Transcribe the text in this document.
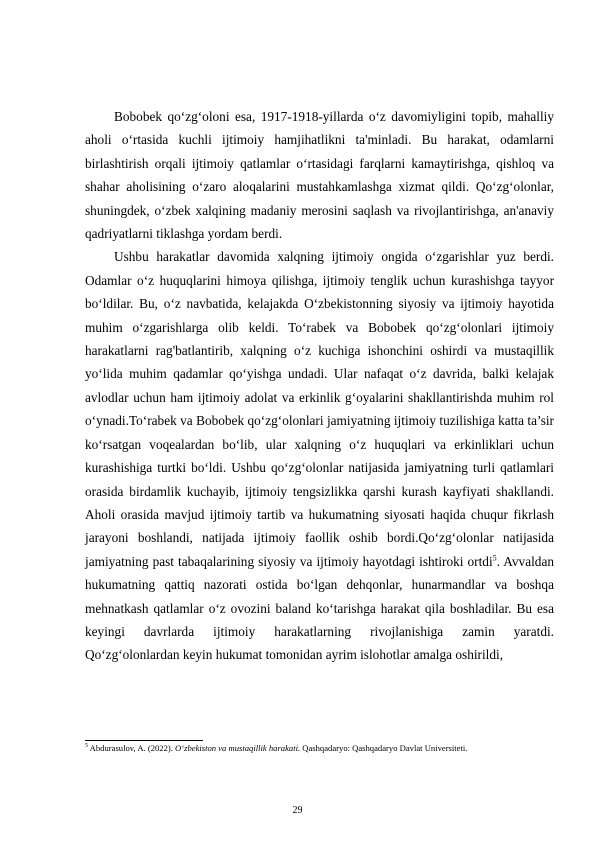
Bobobek qo‘zg‘oloni esa, 1917-1918-yillarda o‘z davomiyligini topib, mahalliy aholi o‘rtasida kuchli ijtimoiy hamjihatlikni ta'minladi. Bu harakat, odamlarni birlashtirish orqali ijtimoiy qatlamlar o‘rtasidagi farqlarni kamaytirishga, qishloq va shahar aholisining o‘zaro aloqalarini mustahkamlashga xizmat qildi. Qo‘zg‘olonlar, shuningdek, o‘zbek xalqining madaniy merosini saqlash va rivojlantirishga, an'anaviy qadriyatlarni tiklashga yordam berdi.

Ushbu harakatlar davomida xalqning ijtimoiy ongida o‘zgarishlar yuz berdi. Odamlar o‘z huquqlarini himoya qilishga, ijtimoiy tenglik uchun kurashishga tayyor bo‘ldilar. Bu, o‘z navbatida, kelajakda O‘zbekistonning siyosiy va ijtimoiy hayotida muhim o‘zgarishlarga olib keldi. To‘rabek va Bobobek qo‘zg‘olonlari ijtimoiy harakatlarni rag'batlantirib, xalqning o‘z kuchiga ishonchini oshirdi va mustaqillik yo‘lida muhim qadamlar qo‘yishga undadi. Ular nafaqat o‘z davrida, balki kelajak avlodlar uchun ham ijtimoiy adolat va erkinlik g‘oyalarini shakllantirishda muhim rol o‘ynadi.To‘rabek va Bobobek qo‘zg‘olonlari jamiyatning ijtimoiy tuzilishiga katta ta’sir ko‘rsatgan voqealardan bo‘lib, ular xalqning o‘z huquqlari va erkinliklari uchun kurashishiga turtki bo‘ldi. Ushbu qo‘zg‘olonlar natijasida jamiyatning turli qatlamlari orasida birdamlik kuchayib, ijtimoiy tengsizlikka qarshi kurash kayfiyati shakllandi. Aholi orasida mavjud ijtimoiy tartib va hukumatning siyosati haqida chuqur fikrlash jarayoni boshlandi, natijada ijtimoiy faollik oshib bordi.Qo‘zg‘olonlar natijasida jamiyatning past tabaqalarining siyosiy va ijtimoiy hayotdagi ishtiroki ortdi$^5$. Avvaldan hukumatning qattiq nazorati ostida bo‘lgan dehqonlar, hunarmandlar va boshqa mehnatkash qatlamlar o‘z ovozini baland ko‘tarishga harakat qila boshladilar. Bu esa keyingi davrlarda ijtimoiy harakatlarning rivojlanishiga zamin yaratdi. Qo‘zg‘olonlardan keyin hukumat tomonidan ayrim islohotlar amalga oshirildi,

$^5$ Abdurasulov, A. (2022). O‘zbekiston va mustaqillik harakati. Qashqadaryo: Qashqadaryo Davlat Universiteti.
29
